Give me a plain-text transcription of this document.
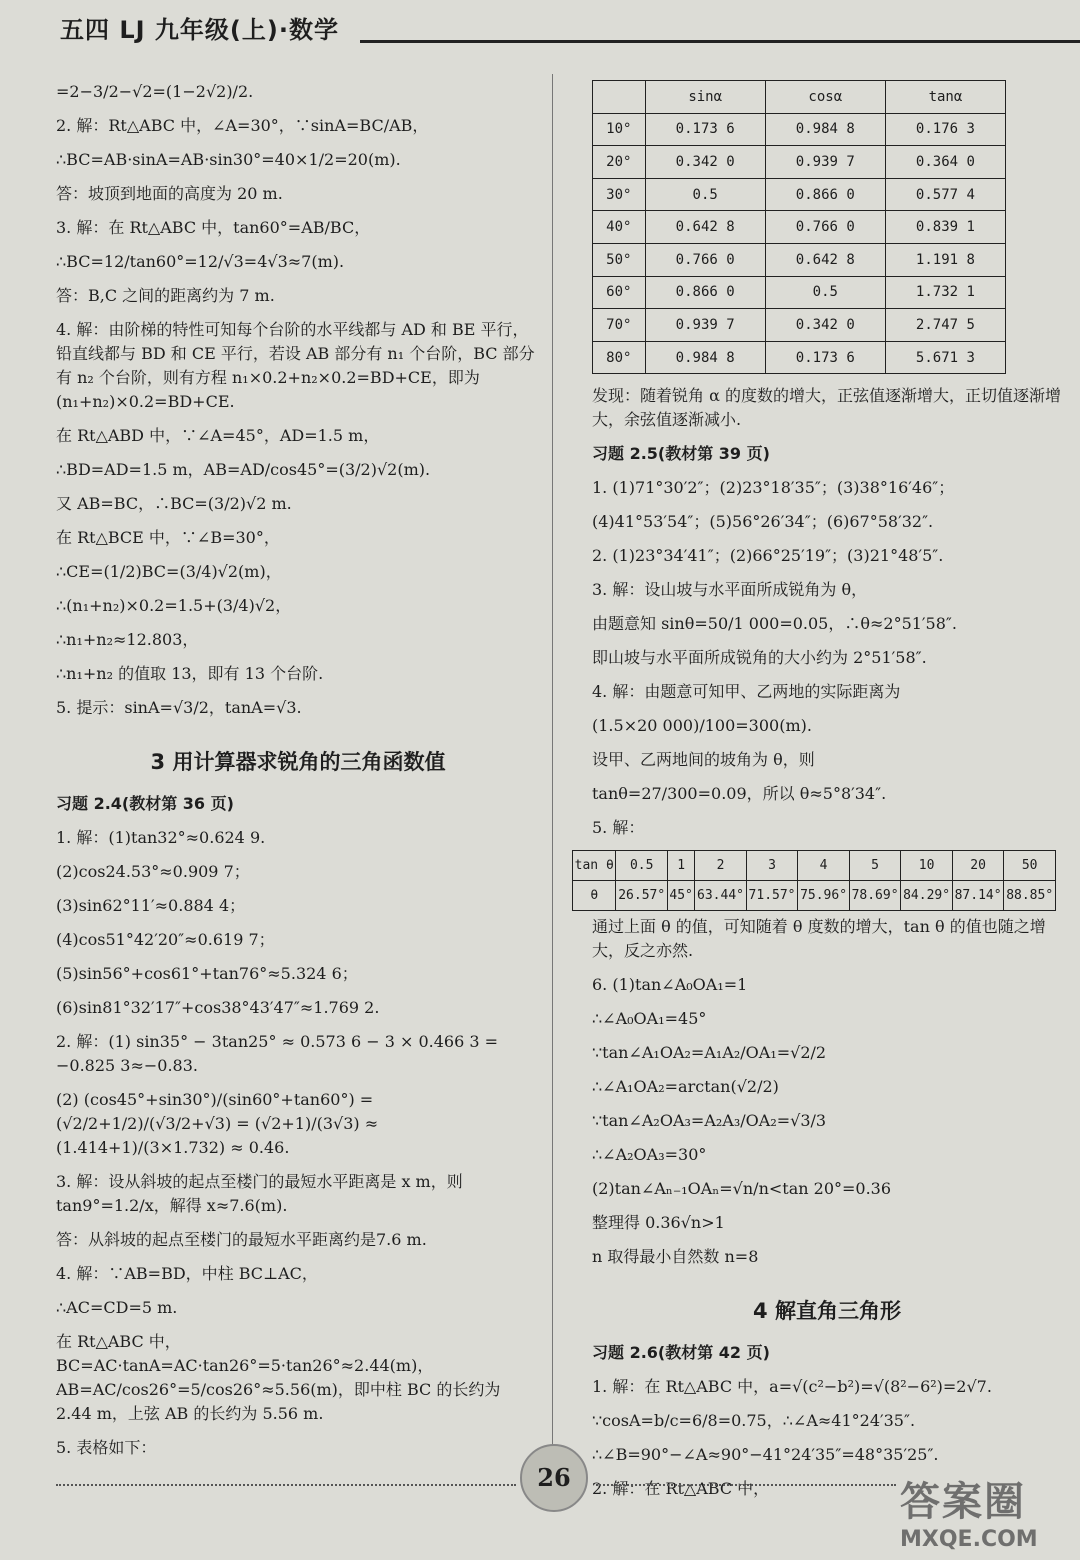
五四 LJ 九年级(上)·数学
=2−3/2−√2=(1−2√2)/2.
2. 解：Rt△ABC 中，∠A=30°，∵sinA=BC/AB，
∴BC=AB·sinA=AB·sin30°=40×1/2=20(m).
答：坡顶到地面的高度为 20 m.
3. 解：在 Rt△ABC 中，tan60°=AB/BC，
∴BC=12/tan60°=12/√3=4√3≈7(m).
答：B,C 之间的距离约为 7 m.
4. 解：由阶梯的特性可知每个台阶的水平线都与 AD 和 BE 平行，铅直线都与 BD 和 CE 平行，若设 AB 部分有 n₁ 个台阶，BC 部分有 n₂ 个台阶，则有方程 n₁×0.2+n₂×0.2=BD+CE，即为(n₁+n₂)×0.2=BD+CE.
在 Rt△ABD 中，∵∠A=45°，AD=1.5 m，
∴BD=AD=1.5 m，AB=AD/cos45°=(3/2)√2(m).
又 AB=BC，∴BC=(3/2)√2 m.
在 Rt△BCE 中，∵∠B=30°，
∴CE=(1/2)BC=(3/4)√2(m)，
∴(n₁+n₂)×0.2=1.5+(3/4)√2，
∴n₁+n₂≈12.803，
∴n₁+n₂ 的值取 13，即有 13 个台阶.
5. 提示：sinA=√3/2，tanA=√3.
3 用计算器求锐角的三角函数值
习题 2.4(教材第 36 页)
1. 解：(1)tan32°≈0.624 9.
(2)cos24.53°≈0.909 7；
(3)sin62°11′≈0.884 4；
(4)cos51°42′20″≈0.619 7；
(5)sin56°+cos61°+tan76°≈5.324 6；
(6)sin81°32′17″+cos38°43′47″≈1.769 2.
2. 解：(1) sin35° − 3tan25° ≈ 0.573 6 − 3 × 0.466 3 = −0.825 3≈−0.83.
(2) (cos45°+sin30°)/(sin60°+tan60°) = (√2/2+1/2)/(√3/2+√3) = (√2+1)/(3√3) ≈ (1.414+1)/(3×1.732) ≈ 0.46.
3. 解：设从斜坡的起点至楼门的最短水平距离是 x m，则 tan9°=1.2/x，解得 x≈7.6(m).
答：从斜坡的起点至楼门的最短水平距离约是7.6 m.
4. 解：∵AB=BD，中柱 BC⊥AC，
∴AC=CD=5 m.
在 Rt△ABC 中，BC=AC·tanA=AC·tan26°=5·tan26°≈2.44(m)，AB=AC/cos26°=5/cos26°≈5.56(m)，即中柱 BC 的长约为 2.44 m，上弦 AB 的长约为 5.56 m.
5. 表格如下：
	sinα	cosα	tanα
10°	0.173 6	0.984 8	0.176 3
20°	0.342 0	0.939 7	0.364 0
30°	0.5	0.866 0	0.577 4
40°	0.642 8	0.766 0	0.839 1
50°	0.766 0	0.642 8	1.191 8
60°	0.866 0	0.5	1.732 1
70°	0.939 7	0.342 0	2.747 5
80°	0.984 8	0.173 6	5.671 3
发现：随着锐角 α 的度数的增大，正弦值逐渐增大，正切值逐渐增大，余弦值逐渐减小.
习题 2.5(教材第 39 页)
1. (1)71°30′2″；(2)23°18′35″；(3)38°16′46″；
(4)41°53′54″；(5)56°26′34″；(6)67°58′32″.
2. (1)23°34′41″；(2)66°25′19″；(3)21°48′5″.
3. 解：设山坡与水平面所成锐角为 θ，
由题意知 sinθ=50/1 000=0.05，∴θ≈2°51′58″.
即山坡与水平面所成锐角的大小约为 2°51′58″.
4. 解：由题意可知甲、乙两地的实际距离为
(1.5×20 000)/100=300(m).
设甲、乙两地间的坡角为 θ，则
tanθ=27/300=0.09，所以 θ≈5°8′34″.
5. 解：
tan θ	0.5	1	2	3	4	5	10	20	50
θ	26.57°	45°	63.44°	71.57°	75.96°	78.69°	84.29°	87.14°	88.85°
通过上面 θ 的值，可知随着 θ 度数的增大，tan θ 的值也随之增大，反之亦然.
6. (1)tan∠A₀OA₁=1
∴∠A₀OA₁=45°
∵tan∠A₁OA₂=A₁A₂/OA₁=√2/2
∴∠A₁OA₂=arctan(√2/2)
∵tan∠A₂OA₃=A₂A₃/OA₂=√3/3
∴∠A₂OA₃=30°
(2)tan∠Aₙ₋₁OAₙ=√n/n<tan 20°=0.36
整理得 0.36√n>1
n 取得最小自然数 n=8
4 解直角三角形
习题 2.6(教材第 42 页)
1. 解：在 Rt△ABC 中，a=√(c²−b²)=√(8²−6²)=2√7.
∵cosA=b/c=6/8=0.75，∴∠A≈41°24′35″.
∴∠B=90°−∠A≈90°−41°24′35″=48°35′25″.
2. 解：在 Rt△ABC 中，
26
答案圈
MXQE.COM
